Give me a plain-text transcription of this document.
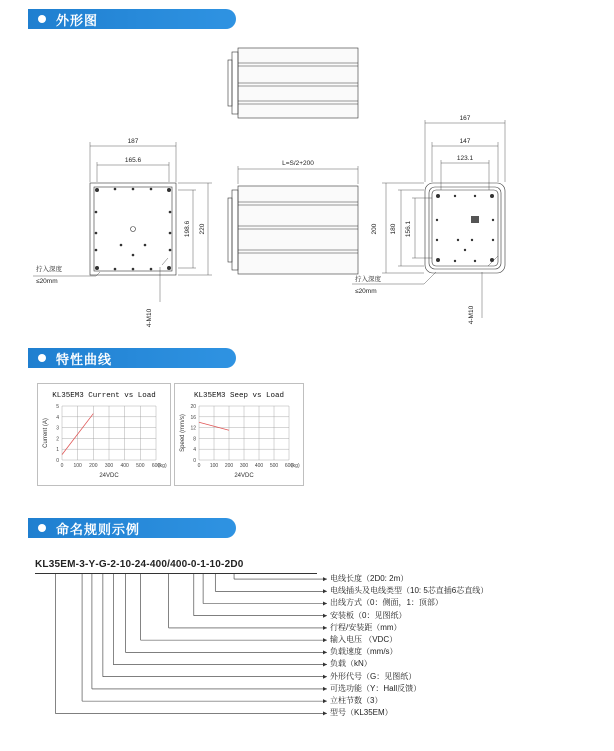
外形图
187
165.6
198.6 220
拧入深度
≤20mm
4-M10
L=S/2+200
167
147
123.1
200 180 156.1
拧入深度
≤20mm
4-M10
特性曲线
KL35EM3 Current vs Load
0 100 200 300 400 500 600
0
1
2
3
4
5
(kg)
Current (A)
24VDC
KL35EM3 Seep vs Load
0 100 200 300 400 500 600
0
4
8
12
16
20
(kg)
Speed (mm/s)
24VDC
命名规则示例
KL35EM-3-Y-G-2-10-24-400/400-0-1-10-2D0
电线长度（2D0: 2m）
电线插头及电线类型（10: 5芯直插6芯直线）
出线方式（0：侧面，1：顶部）
安装板（0：见图纸）
行程/安装距（mm）
输入电压 （VDC）
负载速度（mm/s）
负载（kN）
外形代号（G：见图纸）
可选功能（Y：Hall反馈）
立柱节数（3）
型号（KL35EM）
